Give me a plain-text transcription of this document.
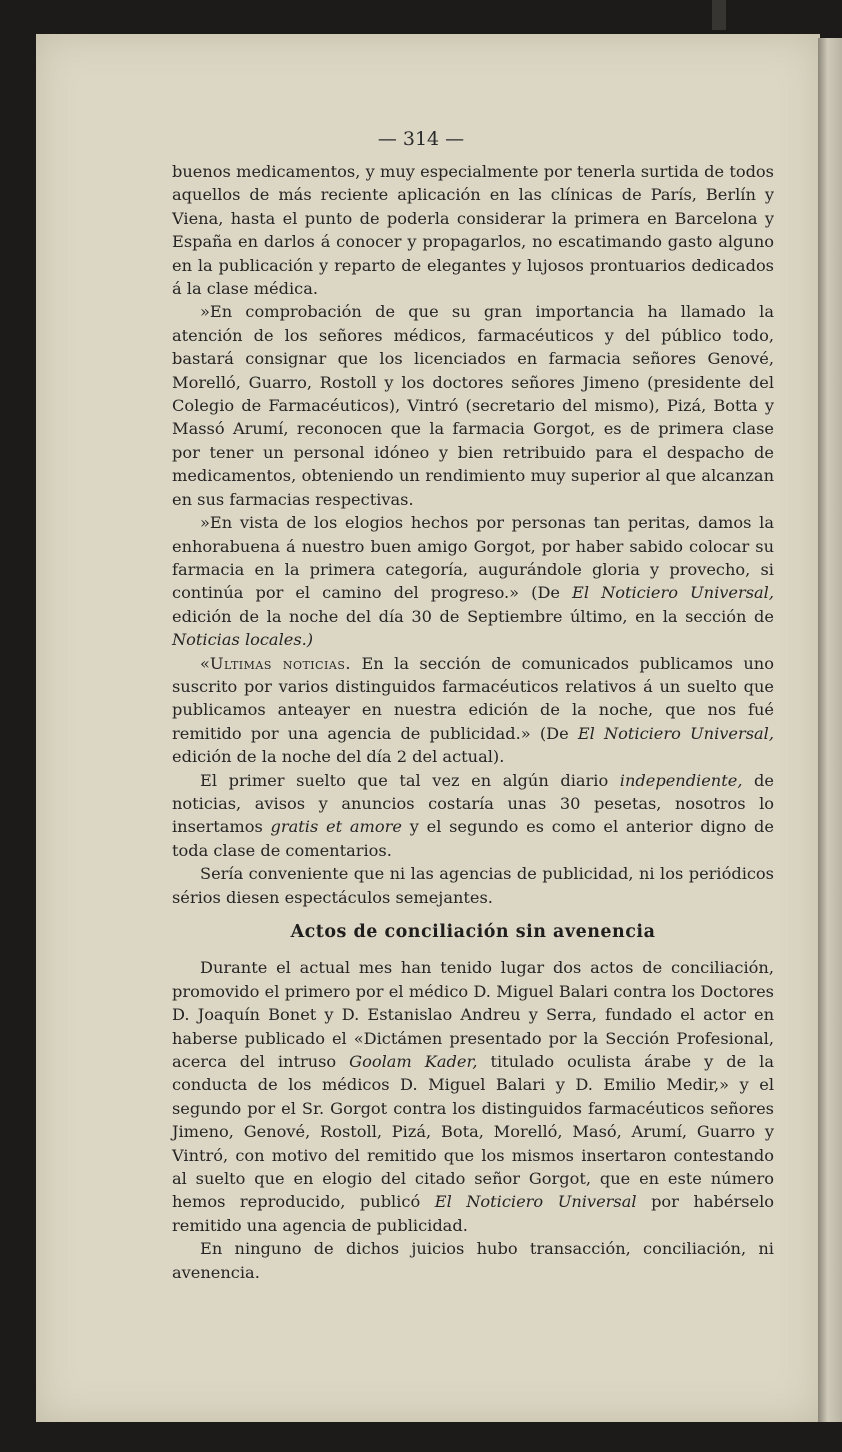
— 314 —

buenos medicamentos, y muy especialmente por tenerla surtida de todos aquellos de más reciente aplicación en las clínicas de París, Berlín y Viena, hasta el punto de poderla considerar la primera en Barcelona y España en darlos á conocer y propagarlos, no escatimando gasto alguno en la publicación y reparto de elegantes y lujosos prontuarios dedicados á la clase médica.

»En comprobación de que su gran importancia ha llamado la atención de los señores médicos, farmacéuticos y del público todo, bastará consignar que los licenciados en farmacia señores Genové, Morelló, Guarro, Rostoll y los doctores señores Jimeno (presidente del Colegio de Farmacéuticos), Vintró (secretario del mismo), Pizá, Botta y Massó Arumí, reconocen que la farmacia Gorgot, es de primera clase por tener un personal idóneo y bien retribuido para el despacho de medicamentos, obteniendo un rendimiento muy superior al que alcanzan en sus farmacias respectivas.

»En vista de los elogios hechos por personas tan peritas, damos la enhorabuena á nuestro buen amigo Gorgot, por haber sabido colocar su farmacia en la primera categoría, augurándole gloria y provecho, si continúa por el camino del progreso.» (De El Noticiero Universal, edición de la noche del día 30 de Septiembre último, en la sección de Noticias locales.)

«Ultimas noticias. En la sección de comunicados publicamos uno suscrito por varios distinguidos farmacéuticos relativos á un suelto que publicamos anteayer en nuestra edición de la noche, que nos fué remitido por una agencia de publicidad.» (De El Noticiero Universal, edición de la noche del día 2 del actual).

El primer suelto que tal vez en algún diario independiente, de noticias, avisos y anuncios costaría unas 30 pesetas, nosotros lo insertamos gratis et amore y el segundo es como el anterior digno de toda clase de comentarios.

Sería conveniente que ni las agencias de publicidad, ni los periódicos sérios diesen espectáculos semejantes.

Actos de conciliación sin avenencia

Durante el actual mes han tenido lugar dos actos de conciliación, promovido el primero por el médico D. Miguel Balari contra los Doctores D. Joaquín Bonet y D. Estanislao Andreu y Serra, fundado el actor en haberse publicado el «Dictámen presentado por la Sección Profesional, acerca del intruso Goolam Kader, titulado oculista árabe y de la conducta de los médicos D. Miguel Balari y D. Emilio Medir,» y el segundo por el Sr. Gorgot contra los distinguidos farmacéuticos señores Jimeno, Genové, Rostoll, Pizá, Bota, Morelló, Masó, Arumí, Guarro y Vintró, con motivo del remitido que los mismos insertaron contestando al suelto que en elogio del citado señor Gorgot, que en este número hemos reproducido, publicó El Noticiero Universal por habérselo remitido una agencia de publicidad.

En ninguno de dichos juicios hubo transacción, conciliación, ni avenencia.
